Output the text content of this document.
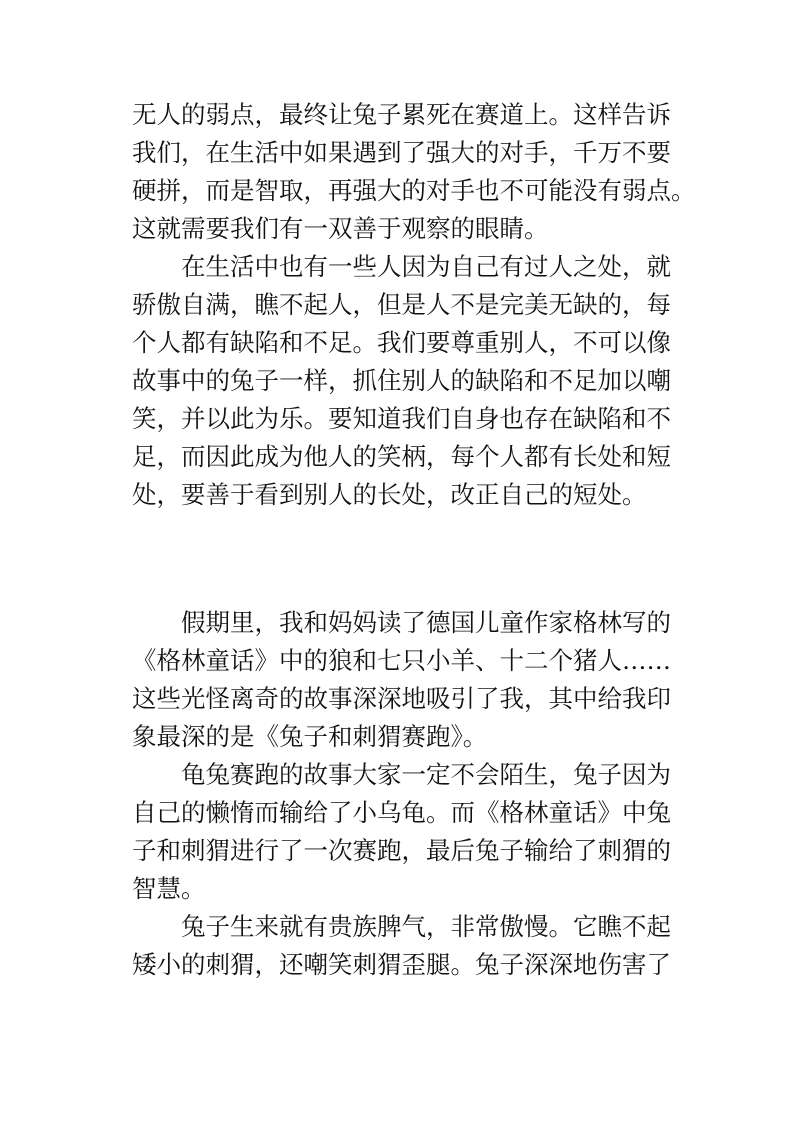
无人的弱点，最终让兔子累死在赛道上。这样告诉

我们，在生活中如果遇到了强大的对手，千万不要

硬拼，而是智取，再强大的对手也不可能没有弱点。

这就需要我们有一双善于观察的眼睛。

在生活中也有一些人因为自己有过人之处，就

骄傲自满，瞧不起人，但是人不是完美无缺的，每

个人都有缺陷和不足。我们要尊重别人，不可以像

故事中的兔子一样，抓住别人的缺陷和不足加以嘲

笑，并以此为乐。要知道我们自身也存在缺陷和不

足，而因此成为他人的笑柄，每个人都有长处和短

处，要善于看到别人的长处，改正自己的短处。

假期里，我和妈妈读了德国儿童作家格林写的

《格林童话》中的狼和七只小羊、十二个猪人……

这些光怪离奇的故事深深地吸引了我，其中给我印

象最深的是《兔子和刺猬赛跑》。

龟兔赛跑的故事大家一定不会陌生，兔子因为

自己的懒惰而输给了小乌龟。而《格林童话》中兔

子和刺猬进行了一次赛跑，最后兔子输给了刺猬的

智慧。

兔子生来就有贵族脾气，非常傲慢。它瞧不起

矮小的刺猬，还嘲笑刺猬歪腿。兔子深深地伤害了
